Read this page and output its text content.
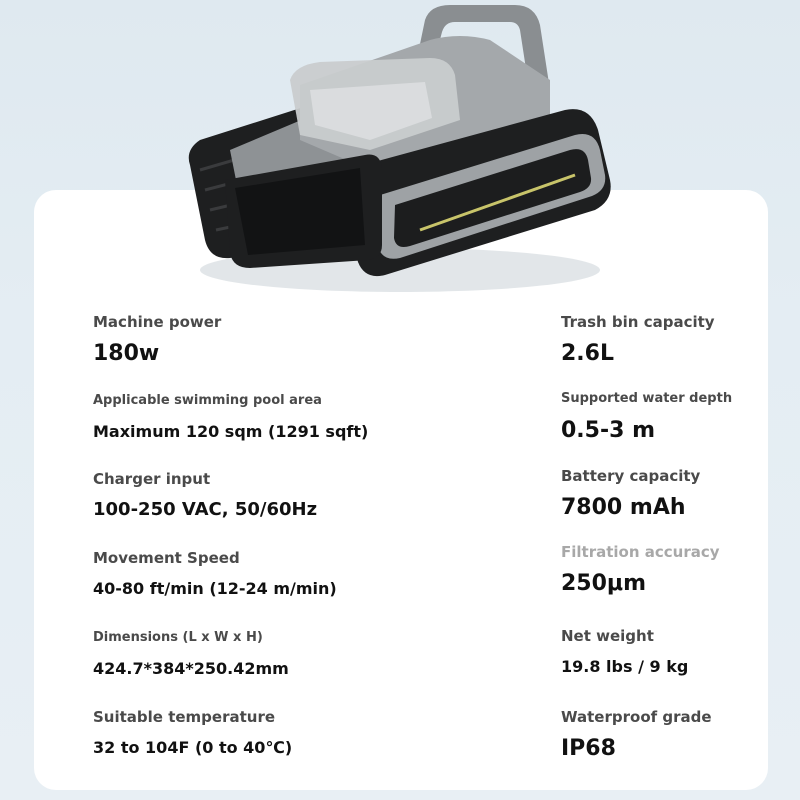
Machine power
180w
Applicable swimming pool area
Maximum 120 sqm (1291 sqft)
Charger input
100-250 VAC, 50/60Hz
Movement Speed
40-80 ft/min (12-24 m/min)
Dimensions (L x W x H)
424.7*384*250.42mm
Suitable temperature
32 to 104F (0 to 40℃)
Trash bin capacity
2.6L
Supported water depth
0.5-3 m
Battery capacity
7800 mAh
Filtration accuracy
250μm
Net weight
19.8 lbs / 9 kg
Waterproof grade
IP68
